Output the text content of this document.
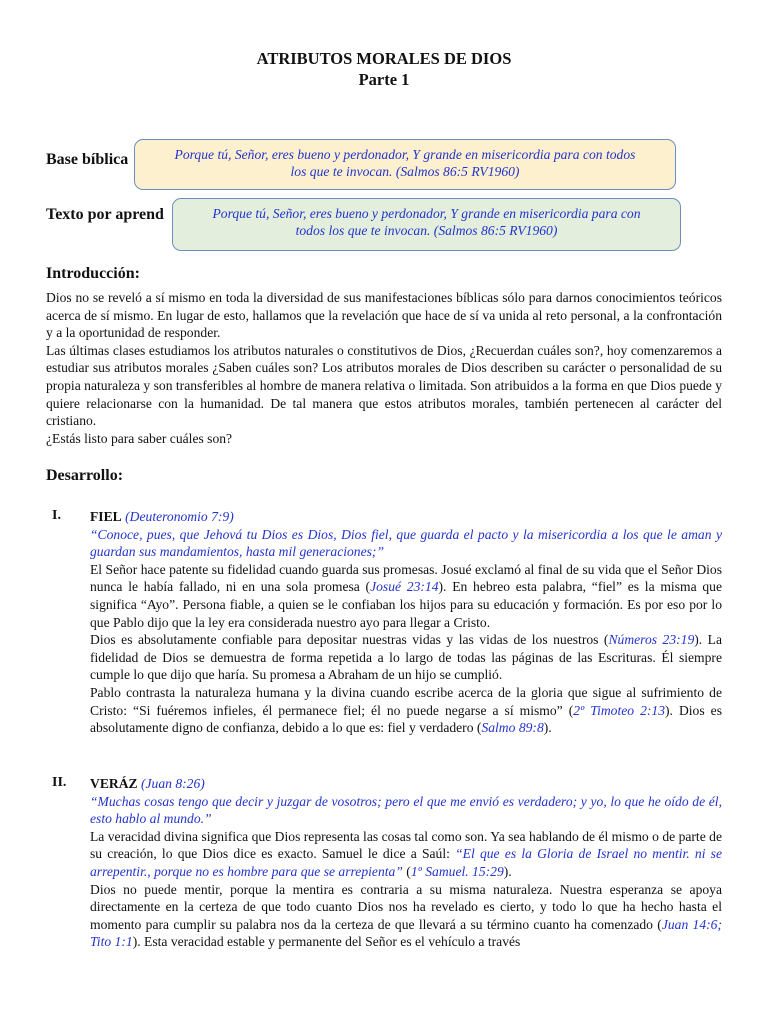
ATRIBUTOS MORALES DE DIOS
Parte 1
Base bíblica	Porque tú, Señor, eres bueno y perdonador, Y grande en misericordia para con todos
los que te invocan. (Salmos 86:5 RV1960)
Texto por aprend	Porque tú, Señor, eres bueno y perdonador, Y grande en misericordia para con
todos los que te invocan. (Salmos 86:5 RV1960)
Introducción:

Dios no se reveló a sí mismo en toda la diversidad de sus manifestaciones bíblicas sólo para darnos conocimientos teóricos acerca de sí mismo. En lugar de esto, hallamos que la revelación que hace de sí va unida al reto personal, a la confrontación y a la oportunidad de responder.

Las últimas clases estudiamos los atributos naturales o constitutivos de Dios, ¿Recuerdan cuáles son?, hoy comenzaremos a estudiar sus atributos morales ¿Saben cuáles son? Los atributos morales de Dios describen su carácter o personalidad de su propia naturaleza y son transferibles al hombre de manera relativa o limitada. Son atribuidos a la forma en que Dios puede y quiere relacionarse con la humanidad. De tal manera que estos atributos morales, también pertenecen al carácter del cristiano.

¿Estás listo para saber cuáles son?

Desarrollo:
I. FIEL (Deuteronomio 7:9)

“Conoce, pues, que Jehová tu Dios es Dios, Dios fiel, que guarda el pacto y la misericordia a los que le aman y guardan sus mandamientos, hasta mil generaciones;”

El Señor hace patente su fidelidad cuando guarda sus promesas. Josué exclamó al final de su vida que el Señor Dios nunca le había fallado, ni en una sola promesa (Josué 23:14). En hebreo esta palabra, “fiel” es la misma que significa “Ayo”. Persona fiable, a quien se le confiaban los hijos para su educación y formación. Es por eso por lo que Pablo dijo que la ley era considerada nuestro ayo para llegar a Cristo.

Dios es absolutamente confiable para depositar nuestras vidas y las vidas de los nuestros (Números 23:19). La fidelidad de Dios se demuestra de forma repetida a lo largo de todas las páginas de las Escrituras. Él siempre cumple lo que dijo que haría. Su promesa a Abraham de un hijo se cumplió.

Pablo contrasta la naturaleza humana y la divina cuando escribe acerca de la gloria que sigue al sufrimiento de Cristo: “Si fuéremos infieles, él permanece fiel; él no puede negarse a sí mismo” (2º Timoteo 2:13). Dios es absolutamente digno de confianza, debido a lo que es: fiel y verdadero (Salmo 89:8).

II. VERÁZ (Juan 8:26)

“Muchas cosas tengo que decir y juzgar de vosotros; pero el que me envió es verdadero; y yo, lo que he oído de él, esto hablo al mundo.”

La veracidad divina significa que Dios representa las cosas tal como son. Ya sea hablando de él mismo o de parte de su creación, lo que Dios dice es exacto. Samuel le dice a Saúl: “El que es la Gloria de Israel no mentir. ni se arrepentir., porque no es hombre para que se arrepienta” (1º Samuel. 15:29).

Dios no puede mentir, porque la mentira es contraria a su misma naturaleza. Nuestra esperanza se apoya directamente en la certeza de que todo cuanto Dios nos ha revelado es cierto, y todo lo que ha hecho hasta el momento para cumplir su palabra nos da la certeza de que llevará a su término cuanto ha comenzado (Juan 14:6; Tito 1:1). Esta veracidad estable y permanente del Señor es el vehículo a través
